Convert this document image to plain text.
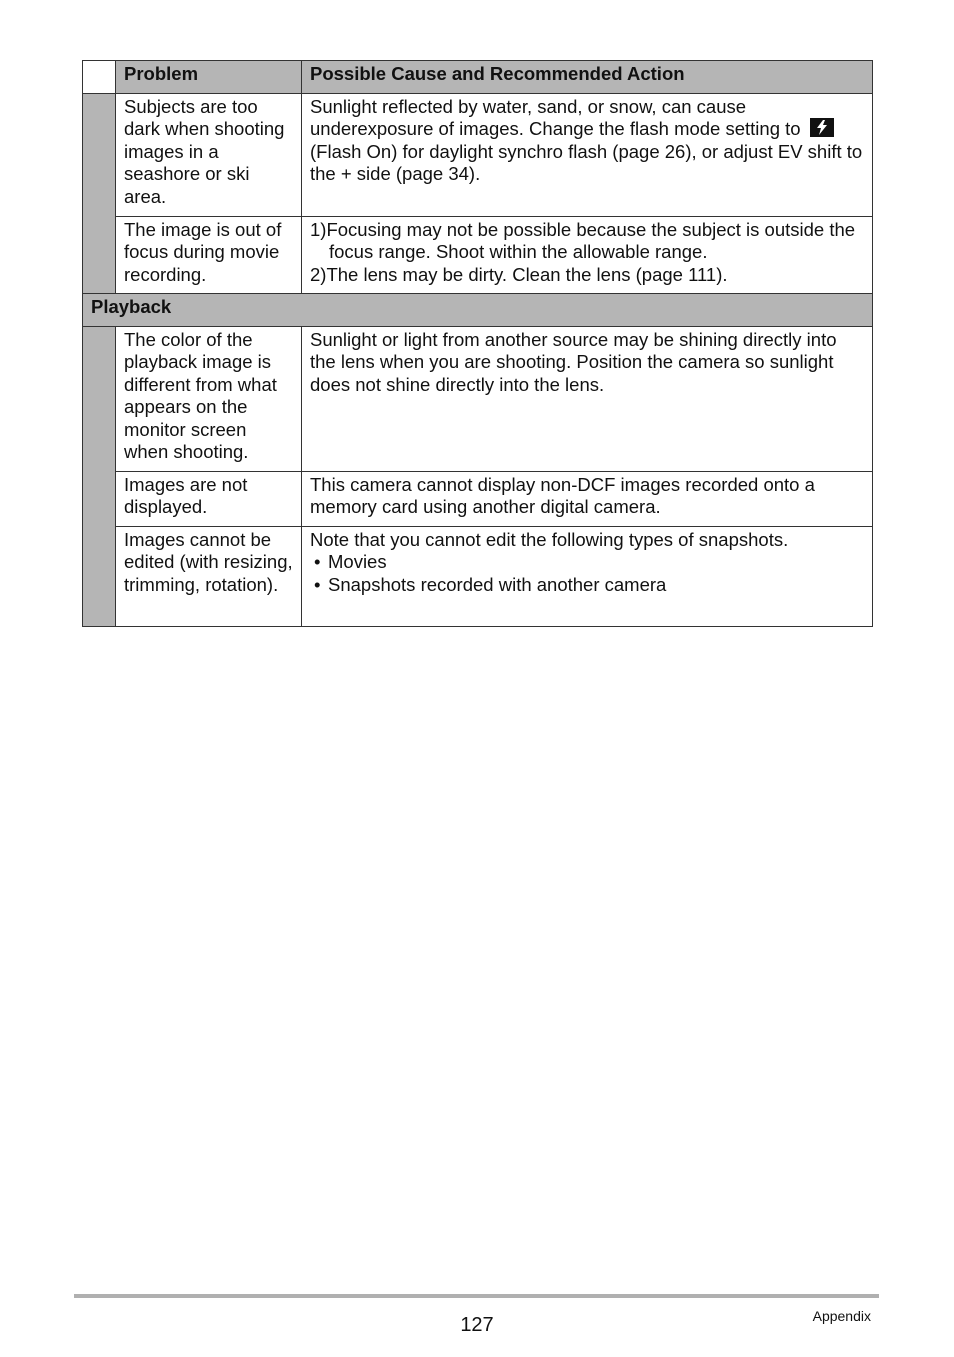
	Problem	Possible Cause and Recommended Action
	Subjects are too dark when shooting images in a seashore or ski area.	Sunlight reflected by water, sand, or snow, can cause underexposure of images. Change the flash mode setting to
(Flash On) for daylight synchro flash (page 26), or adjust EV shift to the + side (page 34).
	The image is out of focus during movie recording.	1)Focusing may not be possible because the subject is outside the focus range. Shoot within the allowable range.
2)The lens may be dirty. Clean the lens (page 111).

Playback		
	The color of the playback image is different from what appears on the monitor screen when shooting.	Sunlight or light from another source may be shining directly into the lens when you are shooting. Position the camera so sunlight does not shine directly into the lens.
	Images are not displayed.	This camera cannot display non-DCF images recorded onto a memory card using another digital camera.
	Images cannot be edited (with resizing, trimming, rotation).	Note that you cannot edit the following types of snapshots.
• Movies
• Snapshots recorded with another camera
127	Appendix
